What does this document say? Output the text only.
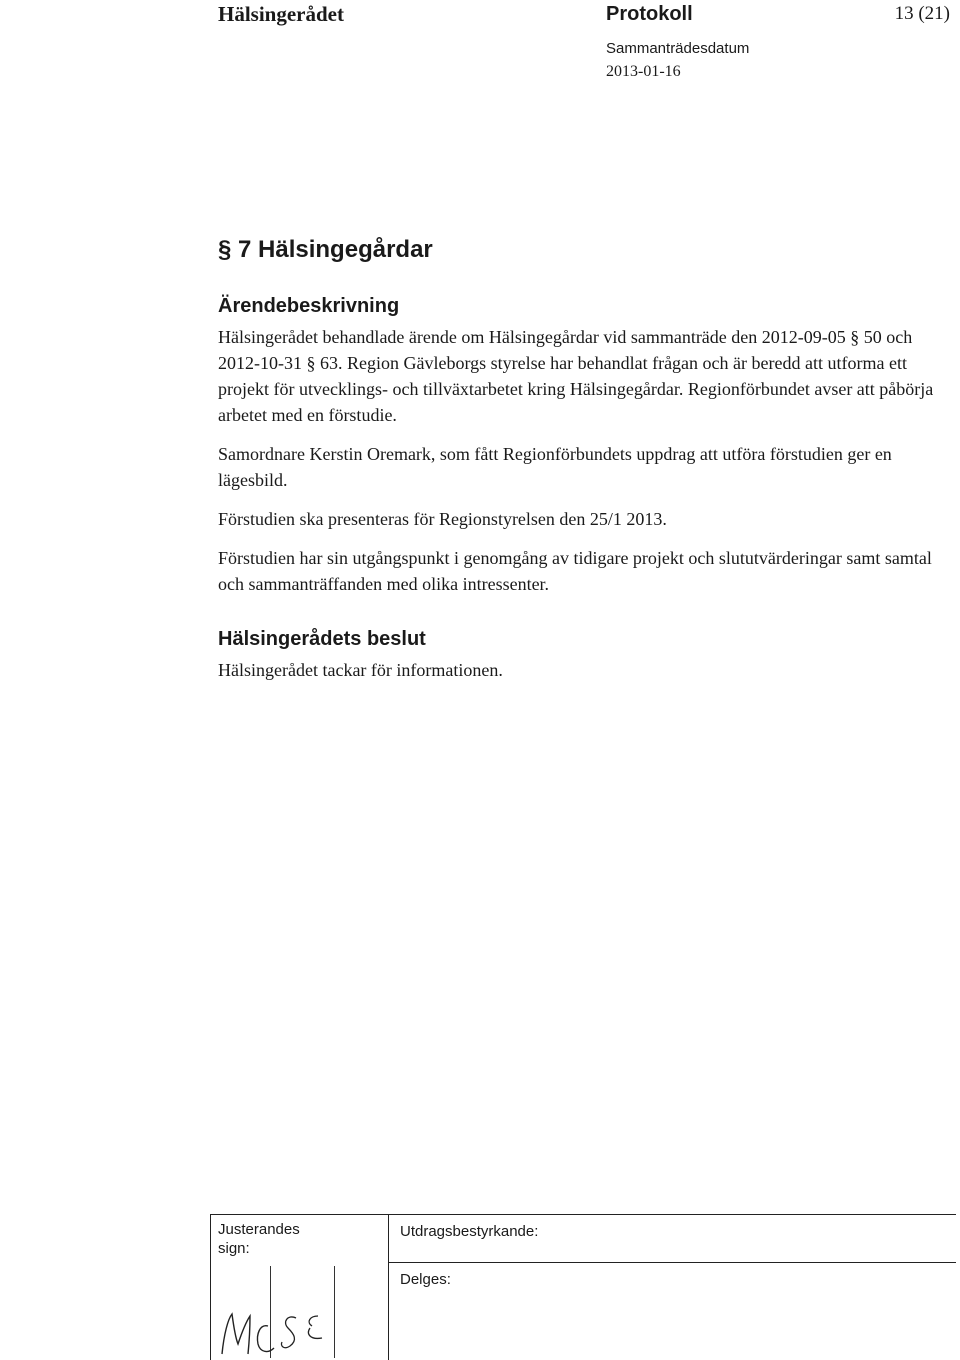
Hälsingerådet	Protokoll	13 (21)
Sammanträdesdatum
2013-01-16
§ 7 Hälsingegårdar
Ärendebeskrivning

Hälsingerådet behandlade ärende om Hälsingegårdar vid sammanträde den 2012-09-05 § 50 och 2012-10-31 § 63. Region Gävleborgs styrelse har behandlat frågan och är beredd att utforma ett projekt för utvecklings- och tillväxtarbetet kring Hälsingegårdar. Regionförbundet avser att påbörja arbetet med en förstudie.

Samordnare Kerstin Oremark, som fått Regionförbundets uppdrag att utföra förstudien ger en lägesbild.

Förstudien ska presenteras för Regionstyrelsen den 25/1 2013.

Förstudien har sin utgångspunkt i genomgång av tidigare projekt och slututvärderingar samt samtal och sammanträffanden med olika intressenter.

Hälsingerådets beslut

Hälsingerådet tackar för informationen.

Justerandes sign:
Utdragsbestyrkande:
Delges:
